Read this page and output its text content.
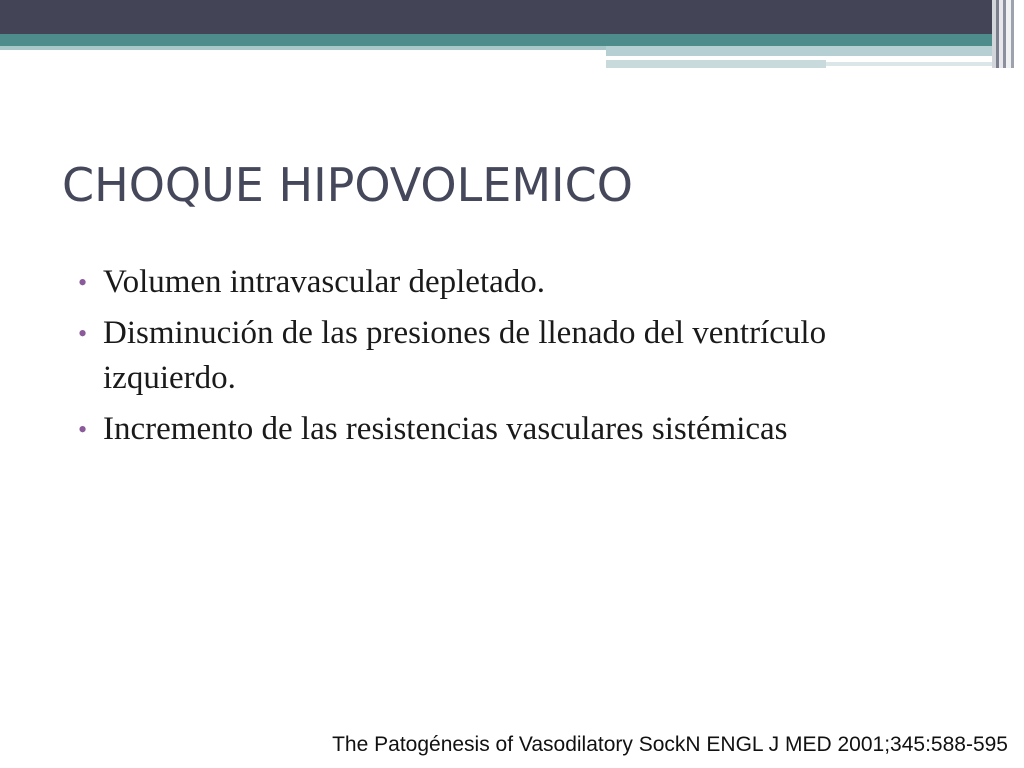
CHOQUE HIPOVOLEMICO
• Volumen intravascular depletado.
• Disminución de las presiones de llenado del ventrículo izquierdo.
• Incremento de las resistencias vasculares sistémicas
The Patogénesis of Vasodilatory SockN ENGL J MED 2001;345:588-595
